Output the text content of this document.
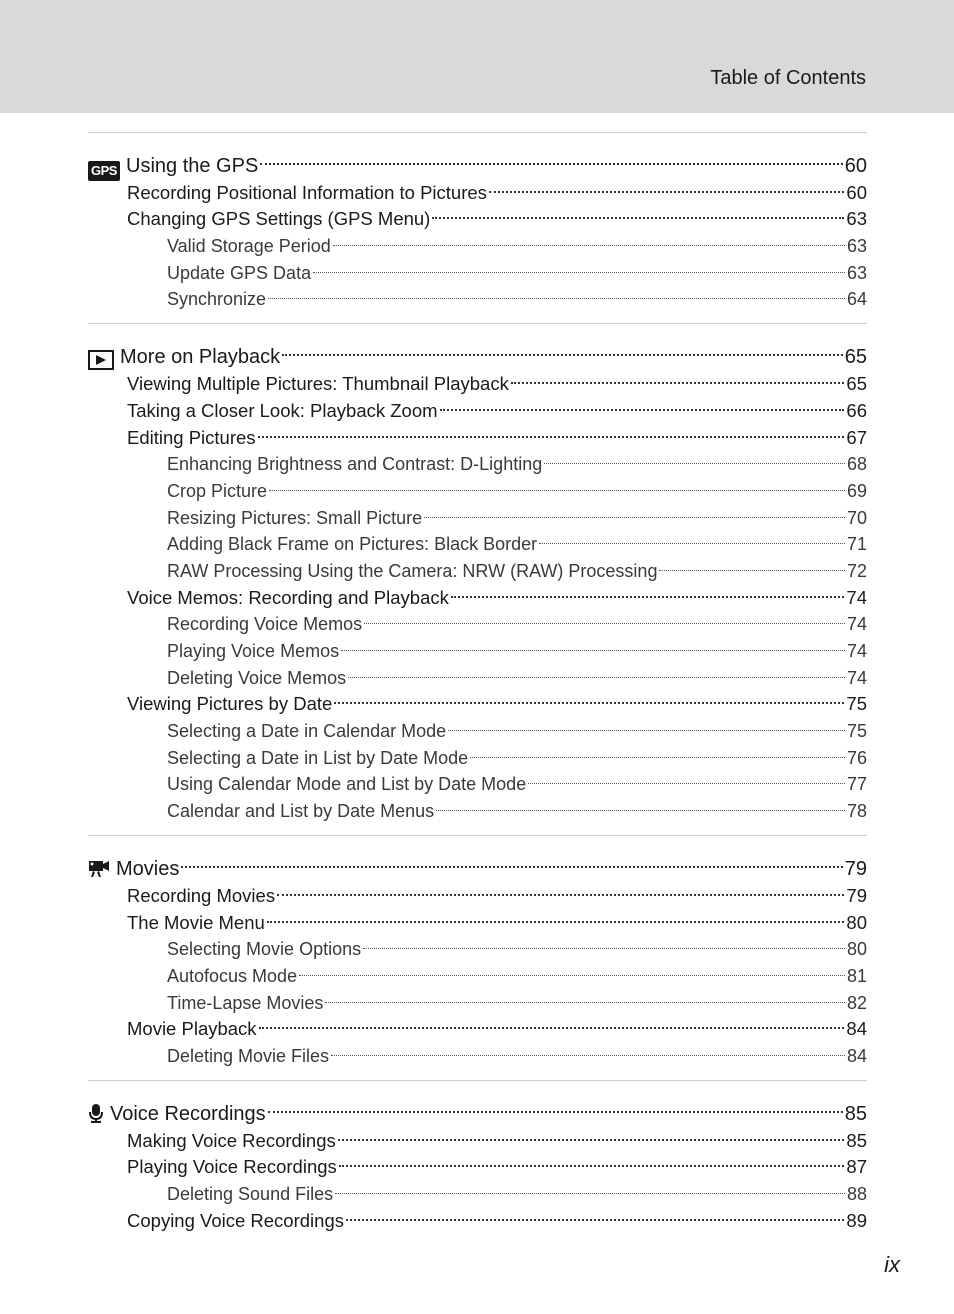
Table of Contents
GPS Using the GPS	60
Recording Positional Information to Pictures	60
Changing GPS Settings (GPS Menu)	63
Valid Storage Period	63
Update GPS Data	63
Synchronize	64
More on Playback	65
Viewing Multiple Pictures: Thumbnail Playback	65
Taking a Closer Look: Playback Zoom	66
Editing Pictures	67
Enhancing Brightness and Contrast: D-Lighting	68
Crop Picture	69
Resizing Pictures: Small Picture	70
Adding Black Frame on Pictures: Black Border	71
RAW Processing Using the Camera: NRW (RAW) Processing	72
Voice Memos: Recording and Playback	74
Recording Voice Memos	74
Playing Voice Memos	74
Deleting Voice Memos	74
Viewing Pictures by Date	75
Selecting a Date in Calendar Mode	75
Selecting a Date in List by Date Mode	76
Using Calendar Mode and List by Date Mode	77
Calendar and List by Date Menus	78
Movies	79
Recording Movies	79
The Movie Menu	80
Selecting Movie Options	80
Autofocus Mode	81
Time-Lapse Movies	82
Movie Playback	84
Deleting Movie Files	84
Voice Recordings	85
Making Voice Recordings	85
Playing Voice Recordings	87
Deleting Sound Files	88
Copying Voice Recordings	89
ix
